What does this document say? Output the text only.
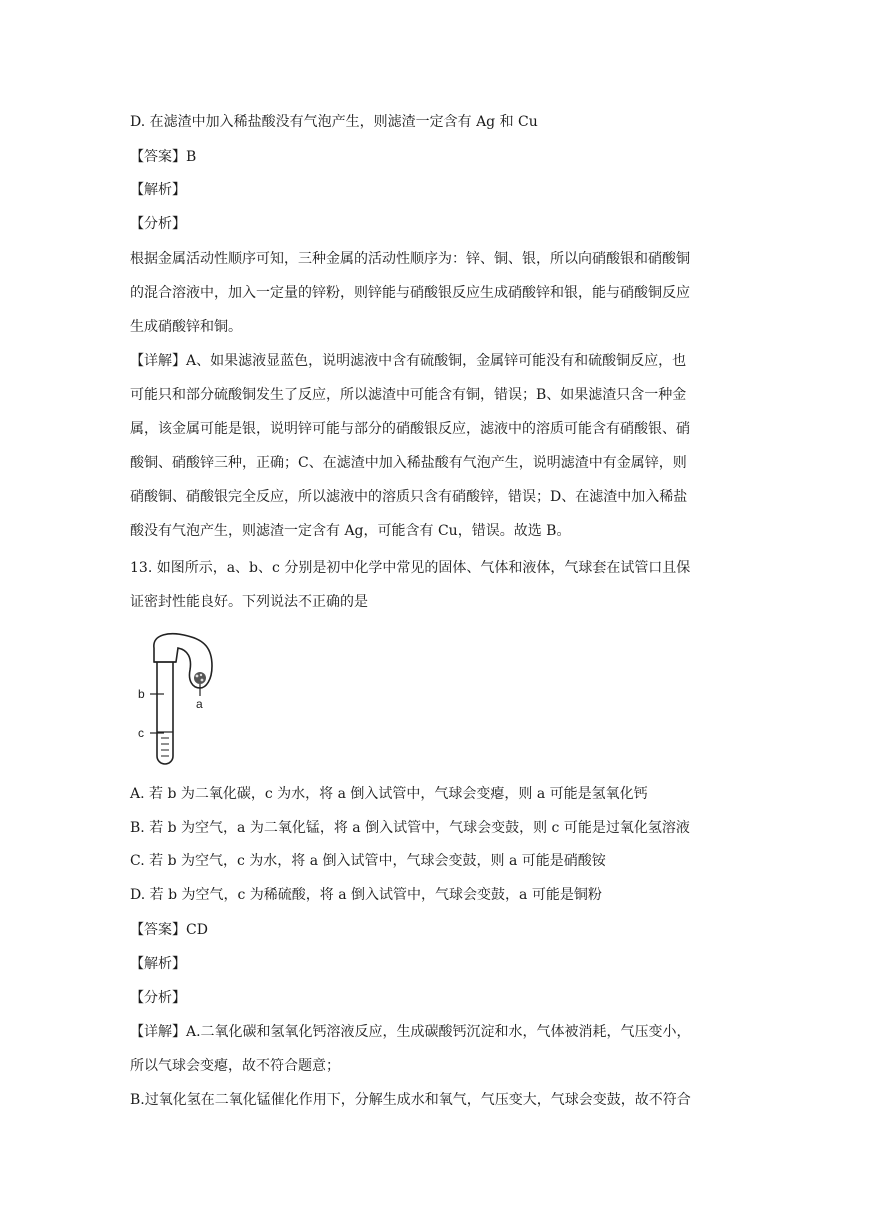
D. 在滤渣中加入稀盐酸没有气泡产生，则滤渣一定含有 Ag 和 Cu
【答案】B
【解析】
【分析】
根据金属活动性顺序可知，三种金属的活动性顺序为：锌、铜、银，所以向硝酸银和硝酸铜
的混合溶液中，加入一定量的锌粉，则锌能与硝酸银反应生成硝酸锌和银，能与硝酸铜反应
生成硝酸锌和铜。
【详解】A、如果滤液显蓝色，说明滤液中含有硫酸铜，金属锌可能没有和硫酸铜反应，也
可能只和部分硫酸铜发生了反应，所以滤渣中可能含有铜，错误；B、如果滤渣只含一种金
属，该金属可能是银，说明锌可能与部分的硝酸银反应，滤液中的溶质可能含有硝酸银、硝
酸铜、硝酸锌三种，正确；C、在滤渣中加入稀盐酸有气泡产生，说明滤渣中有金属锌，则
硝酸铜、硝酸银完全反应，所以滤液中的溶质只含有硝酸锌，错误；D、在滤渣中加入稀盐
酸没有气泡产生，则滤渣一定含有 Ag，可能含有 Cu，错误。故选 B。
13. 如图所示，a、b、c 分别是初中化学中常见的固体、气体和液体，气球套在试管口且保
证密封性能良好。下列说法不正确的是
a
b
c
A. 若 b 为二氧化碳，c 为水，将 a 倒入试管中，气球会变瘪，则 a 可能是氢氧化钙
B. 若 b 为空气，a 为二氧化锰，将 a 倒入试管中，气球会变鼓，则 c 可能是过氧化氢溶液
C. 若 b 为空气，c 为水，将 a 倒入试管中，气球会变鼓，则 a 可能是硝酸铵
D. 若 b 为空气，c 为稀硫酸，将 a 倒入试管中，气球会变鼓，a 可能是铜粉
【答案】CD
【解析】
【分析】
【详解】A.二氧化碳和氢氧化钙溶液反应，生成碳酸钙沉淀和水，气体被消耗，气压变小，
所以气球会变瘪，故不符合题意；
B.过氧化氢在二氧化锰催化作用下，分解生成水和氧气，气压变大，气球会变鼓，故不符合
